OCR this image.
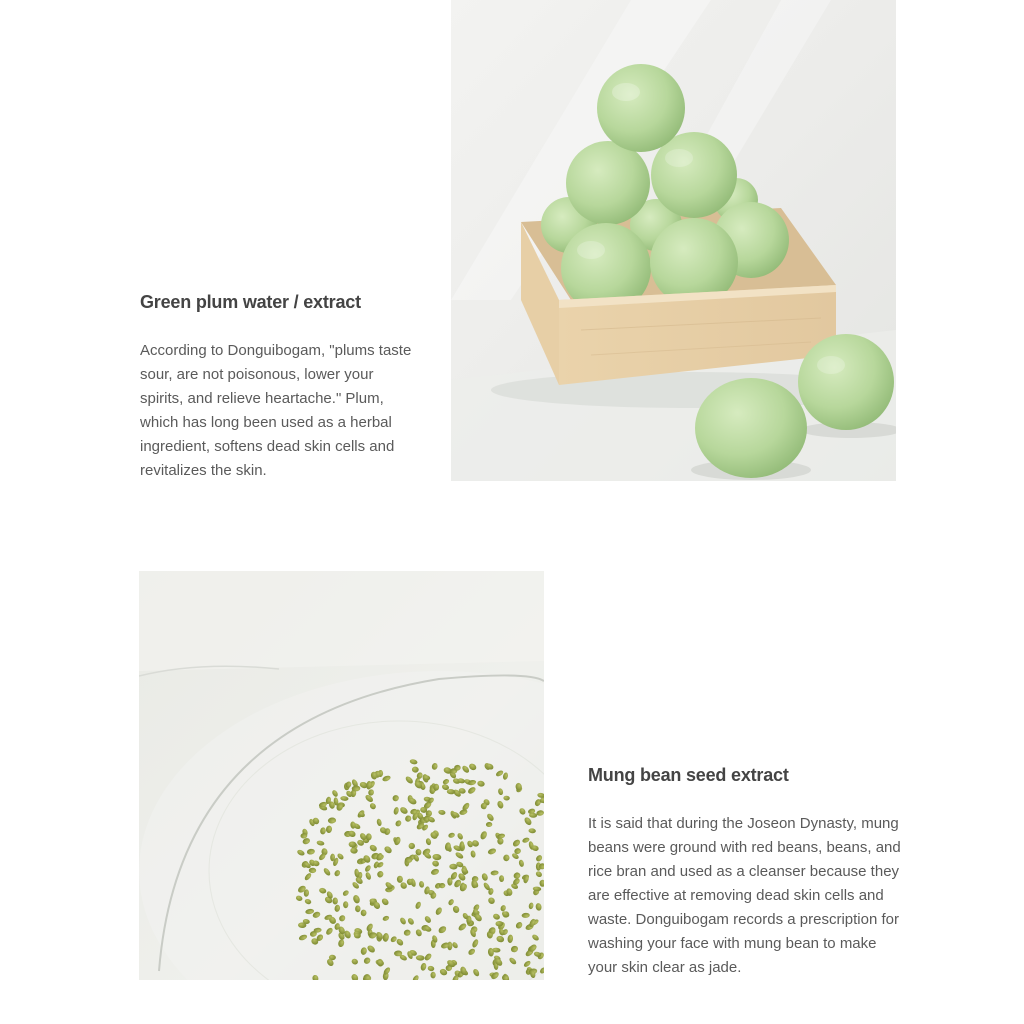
Green plum water / extract

According to Donguibogam, "plums taste sour, are not poisonous, lower your spirits, and relieve heartache." Plum, which has long been used as a herbal ingredient, softens dead skin cells and revitalizes the skin.

Mung bean seed extract

It is said that during the Joseon Dynasty, mung beans were ground with red beans, beans, and rice bran and used as a cleanser because they are effective at removing dead skin cells and waste. Donguibogam records a prescription for washing your face with mung bean to make your skin clear as jade.
